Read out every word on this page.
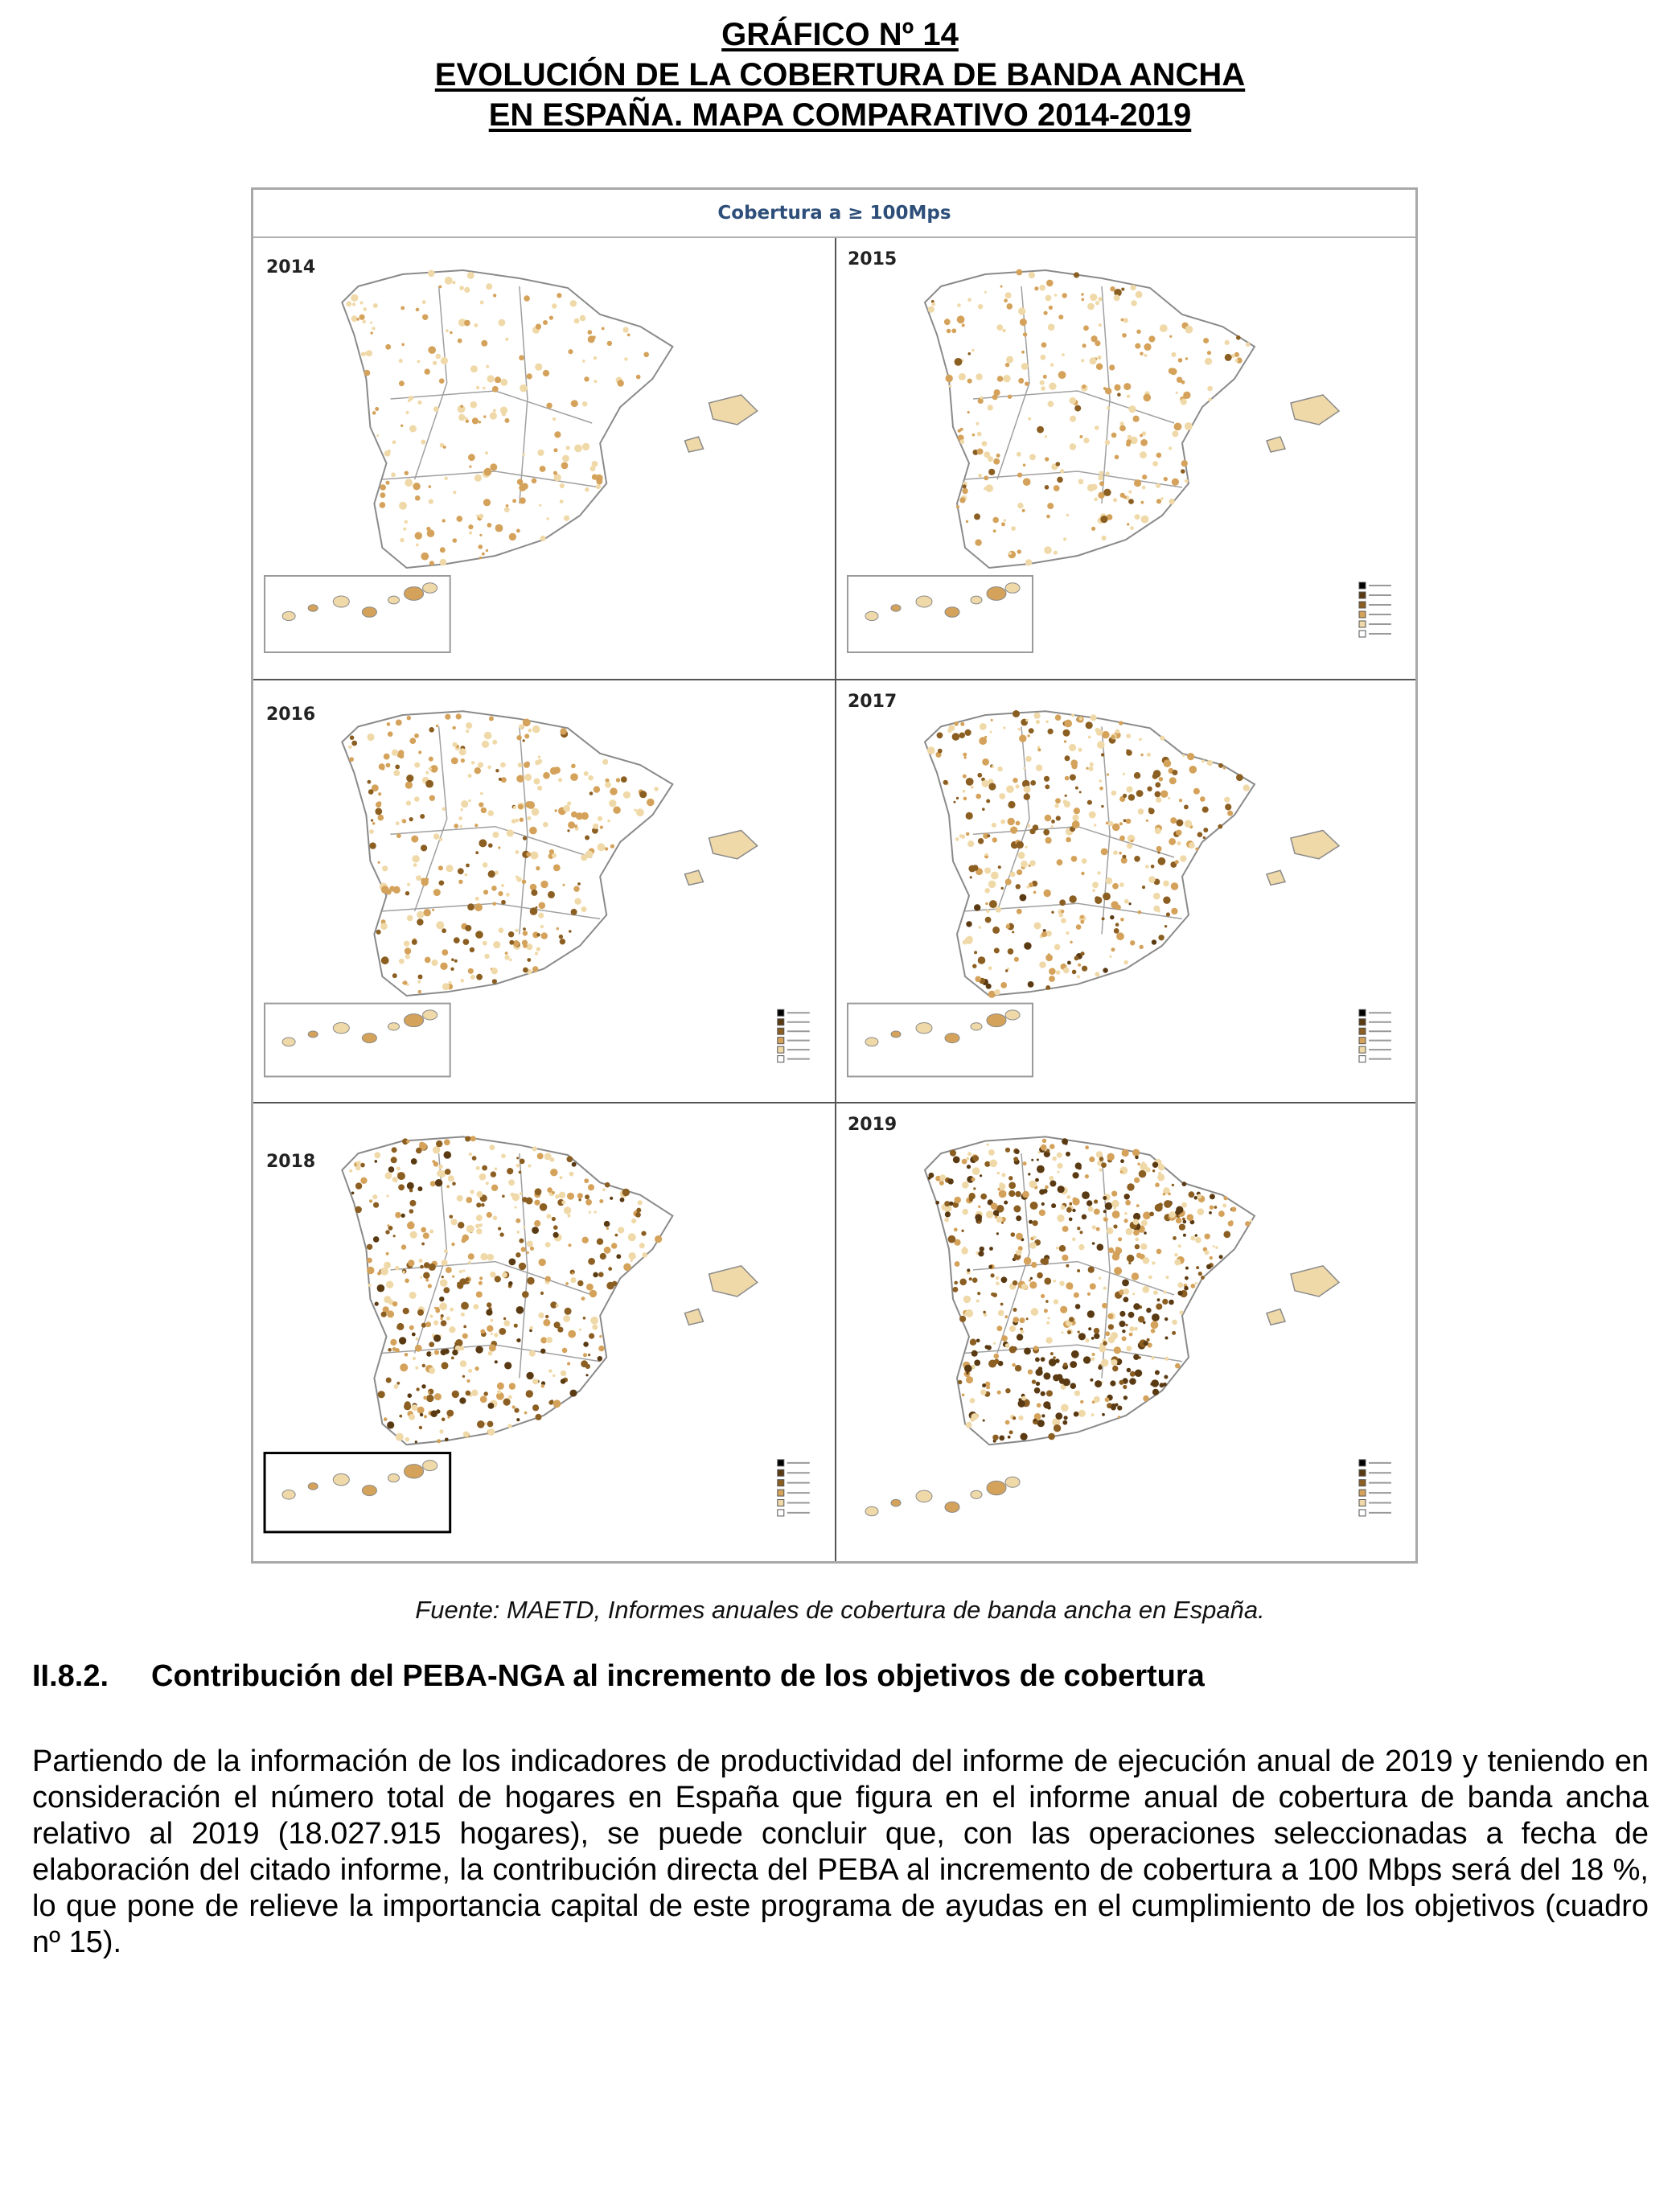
GRÁFICO Nº 14

EVOLUCIÓN DE LA COBERTURA DE BANDA ANCHA

EN ESPAÑA. MAPA COMPARATIVO 2014-2019

Cobertura a ≥ 100Mps
2014	2015
2016
2017
2018
2019
Fuente: MAETD, Informes anuales de cobertura de banda ancha en España.
II.8.2. Contribución del PEBA-NGA al incremento de los objetivos de cobertura

Partiendo de la información de los indicadores de productividad del informe de ejecución anual de 2019 y teniendo en consideración el número total de hogares en España que figura en el informe anual de cobertura de banda ancha relativo al 2019 (18.027.915 hogares), se puede concluir que, con las operaciones seleccionadas a fecha de elaboración del citado informe, la contribución directa del PEBA al incremento de cobertura a 100 Mbps será del 18 %, lo que pone de relieve la importancia capital de este programa de ayudas en el cumplimiento de los objetivos (cuadro nº 15).
